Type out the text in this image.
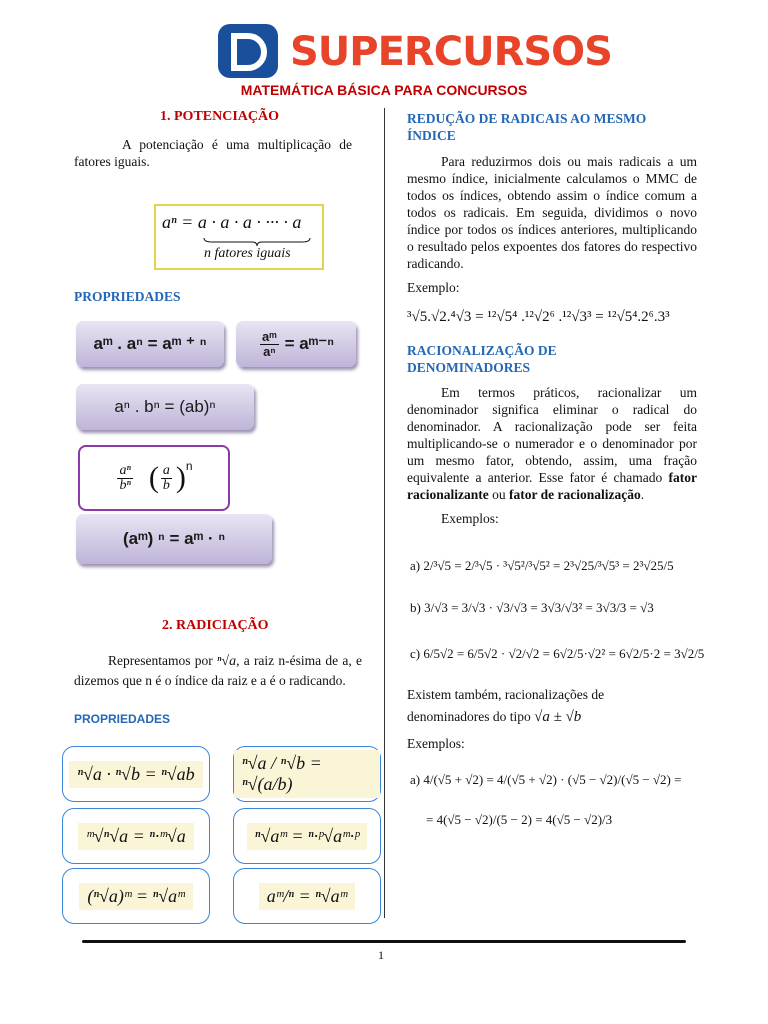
SUPERCURSOS
MATEMÁTICA BÁSICA PARA CONCURSOS
1. POTENCIAÇÃO
A potenciação é uma multiplicação de fatores iguais.
aⁿ = a · a · a · ··· · a
n fatores iguais
PROPRIEDADES
aᵐ . aⁿ = aᵐ ⁺ ⁿ	$\frac{\text{aᵐ}}{\text{aⁿ}}$ = aᵐ⁻ⁿ
aⁿ . bⁿ = (ab)ⁿ
$\frac{\text{aⁿ}}{\text{bⁿ}}$ ( $\frac{a}{b}$ ) n
(aᵐ) ⁿ = aᵐ · ⁿ
2. RADICIAÇÃO
Representamos por ⁿ√a, a raiz n-ésima de a, e dizemos que n é o índice da raiz e a é o radicando.
PROPRIEDADES
ⁿ√a · ⁿ√b = ⁿ√ab
ⁿ√a / ⁿ√b = ⁿ√(a/b)
ᵐ√ⁿ√a = ⁿ·ᵐ√a	ⁿ√aᵐ = ⁿ·ᵖ√aᵐ·ᵖ
(ⁿ√a)ᵐ = ⁿ√aᵐ	aᵐ/ⁿ = ⁿ√aᵐ
REDUÇÃO DE RADICAIS AO MESMO ÍNDICE
Para reduzirmos dois ou mais radicais a um mesmo índice, inicialmente calculamos o MMC de todos os índices, obtendo assim o índice comum a todos os radicais. Em seguida, dividimos o novo índice por todos os índices anteriores, multiplicando o resultado pelos expoentes dos fatores do respectivo radicando.
Exemplo:
³√5.√2.⁴√3 = ¹²√5⁴ .¹²√2⁶ .¹²√3³ = ¹²√5⁴.2⁶.3³
RACIONALIZAÇÃO DE DENOMINADORES
Em termos práticos, racionalizar um denominador significa eliminar o radical do denominador. A racionalização pode ser feita multiplicando-se o numerador e o denominador por um mesmo fator, obtendo, assim, uma fração equivalente a anterior. Esse fator é chamado fator racionalizante ou fator de racionalização.
Exemplos:
a) 2/³√5 = 2/³√5 · ³√5²/³√5² = 2³√25/³√5³ = 2³√25/5
b) 3/√3 = 3/√3 · √3/√3 = 3√3/√3² = 3√3/3 = √3
c) 6/5√2 = 6/5√2 · √2/√2 = 6√2/5·√2² = 6√2/5·2 = 3√2/5
Existem também, racionalizações de denominadores do tipo √a ± √b
Exemplos:
a) 4/(√5 + √2) = 4/(√5 + √2) · (√5 − √2)/(√5 − √2) =
= 4(√5 − √2)/(5 − 2) = 4(√5 − √2)/3
1
